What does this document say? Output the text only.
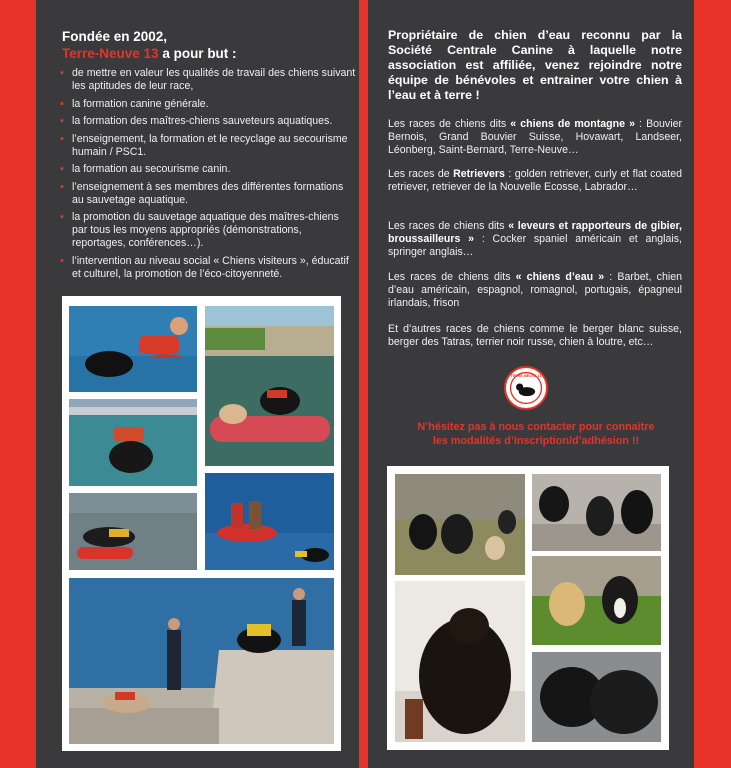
Fondée en 2002,
Terre-Neuve 13 a pour but :
▪ de mettre en valeur les qualités de travail des chiens suivant les aptitudes de leur race,
▪ la formation canine générale.
▪ la formation des maîtres-chiens sauveteurs aquatiques.
▪ l’enseignement, la formation et le recyclage au secourisme humain / PSC1.
▪ la formation au secourisme canin.
▪ l’enseignement à ses membres des différentes formations au sauvetage aquatique.
▪ la promotion du sauvetage aquatique des maîtres-chiens par tous les moyens appropriés (démonstrations, reportages, conférences…).
▪ l’intervention au niveau social « Chiens visiteurs », éducatif et culturel, la promotion de l’éco-citoyenneté.
Propriétaire de chien d’eau reconnu par la Société Centrale Canine à laquelle notre association est affiliée, venez rejoindre notre équipe de bénévoles et entrainer votre chien à l’eau et à terre !
Les races de chiens dits « chiens de montagne » : Bouvier Bernois, Grand Bouvier Suisse, Hovawart, Landseer, Léonberg, Saint-Bernard, Terre-Neuve…
Les races de Retrievers : golden retriever, curly et flat coated retriever, retriever de la Nouvelle Ecosse, Labrador…
Les races de chiens dits « leveurs et rapporteurs de gibier, broussailleurs » : Cocker spaniel américain et anglais, springer anglais…
Les races de chiens dits « chiens d’eau » : Barbet, chien d’eau américain, espagnol, romagnol, portugais, épagneul irlandais, frison
Et d’autres races de chiens comme le berger blanc suisse, berger des Tatras, terrier noir russe, chien à loutre, etc…
TERRE-NEUVE 13
N’hésitez pas à nous contacter pour connaitre
les modalités d’inscription/d’adhésion !!
